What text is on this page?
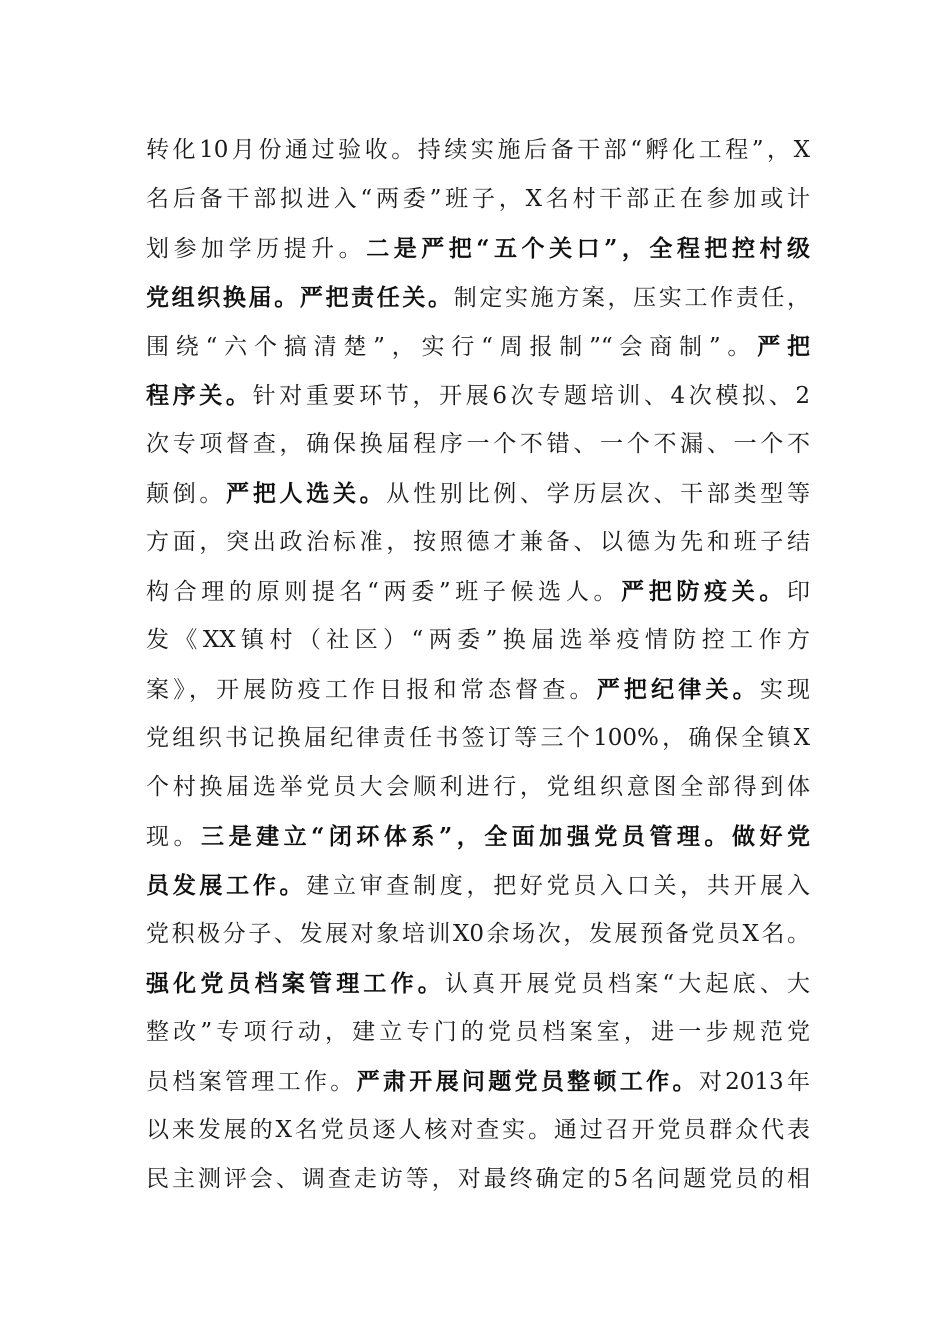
转化10月份通过验收。持续实施后备干部“孵化工程”，X
名后备干部拟进入“两委”班子，X名村干部正在参加或计
划参加学历提升。二是严把“五个关口”，全程把控村级
党组织换届。严把责任关。制定实施方案，压实工作责任，
围绕“六个搞清楚”，实行“周报制”“会商制”。严把
程序关。针对重要环节，开展6次专题培训、4次模拟、2
次专项督查，确保换届程序一个不错、一个不漏、一个不
颠倒。严把人选关。从性别比例、学历层次、干部类型等
方面，突出政治标准，按照德才兼备、以德为先和班子结
构合理的原则提名“两委”班子候选人。严把防疫关。印
发《XX镇村（社区）“两委”换届选举疫情防控工作方
案》，开展防疫工作日报和常态督查。严把纪律关。实现
党组织书记换届纪律责任书签订等三个100%，确保全镇X
个村换届选举党员大会顺利进行，党组织意图全部得到体
现。三是建立“闭环体系”，全面加强党员管理。做好党
员发展工作。建立审查制度，把好党员入口关，共开展入
党积极分子、发展对象培训X0余场次，发展预备党员X名。
强化党员档案管理工作。认真开展党员档案“大起底、大
整改”专项行动，建立专门的党员档案室，进一步规范党
员档案管理工作。严肃开展问题党员整顿工作。对2013年
以来发展的X名党员逐人核对查实。通过召开党员群众代表
民主测评会、调查走访等，对最终确定的5名问题党员的相
